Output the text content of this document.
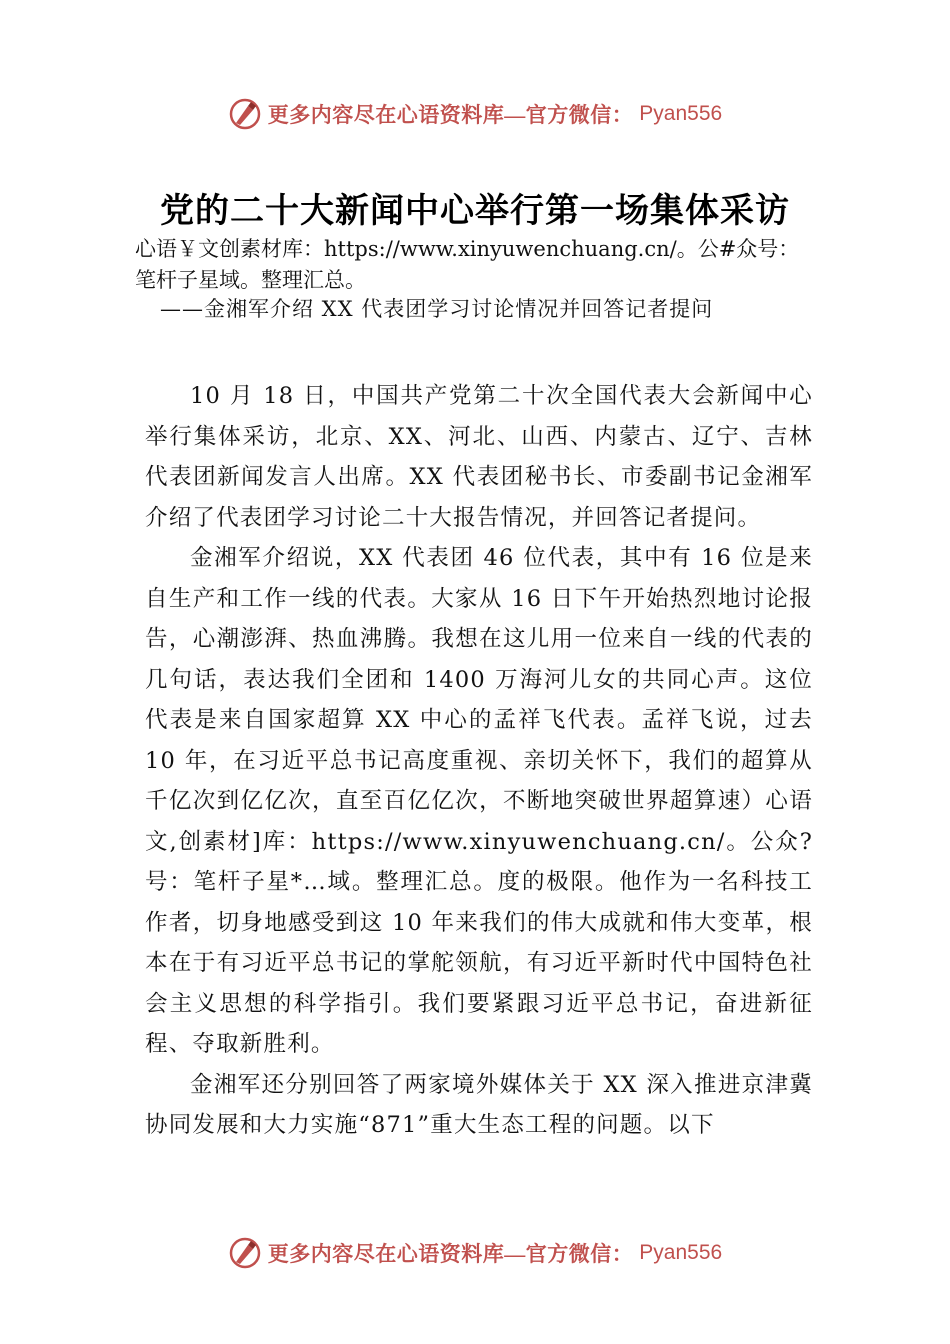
更多内容尽在心语资料库—官方微信： Pyan556
党的二十大新闻中心举行第一场集体采访

心语￥文创素材库：https://www.xinyuwenchuang.cn/。公#众号：笔杆子星域。整理汇总。

——金湘军介绍 XX 代表团学习讨论情况并回答记者提问

10 月 18 日，中国共产党第二十次全国代表大会新闻中心举行集体采访，北京、XX、河北、山西、内蒙古、辽宁、吉林代表团新闻发言人出席。XX 代表团秘书长、市委副书记金湘军介绍了代表团学习讨论二十大报告情况，并回答记者提问。

金湘军介绍说，XX 代表团 46 位代表，其中有 16 位是来自生产和工作一线的代表。大家从 16 日下午开始热烈地讨论报告，心潮澎湃、热血沸腾。我想在这儿用一位来自一线的代表的几句话，表达我们全团和 1400 万海河儿女的共同心声。这位代表是来自国家超算 XX 中心的孟祥飞代表。孟祥飞说，过去 10 年，在习近平总书记高度重视、亲切关怀下，我们的超算从千亿次到亿亿次，直至百亿亿次，不断地突破世界超算速）心语文,创素材]库：https://www.xinyuwenchuang.cn/。公众?号：笔杆子星*…域。整理汇总。度的极限。他作为一名科技工作者，切身地感受到这 10 年来我们的伟大成就和伟大变革，根本在于有习近平总书记的掌舵领航，有习近平新时代中国特色社会主义思想的科学指引。我们要紧跟习近平总书记，奋进新征程、夺取新胜利。

金湘军还分别回答了两家境外媒体关于 XX 深入推进京津冀协同发展和大力实施“871”重大生态工程的问题。以下

更多内容尽在心语资料库—官方微信： Pyan556
